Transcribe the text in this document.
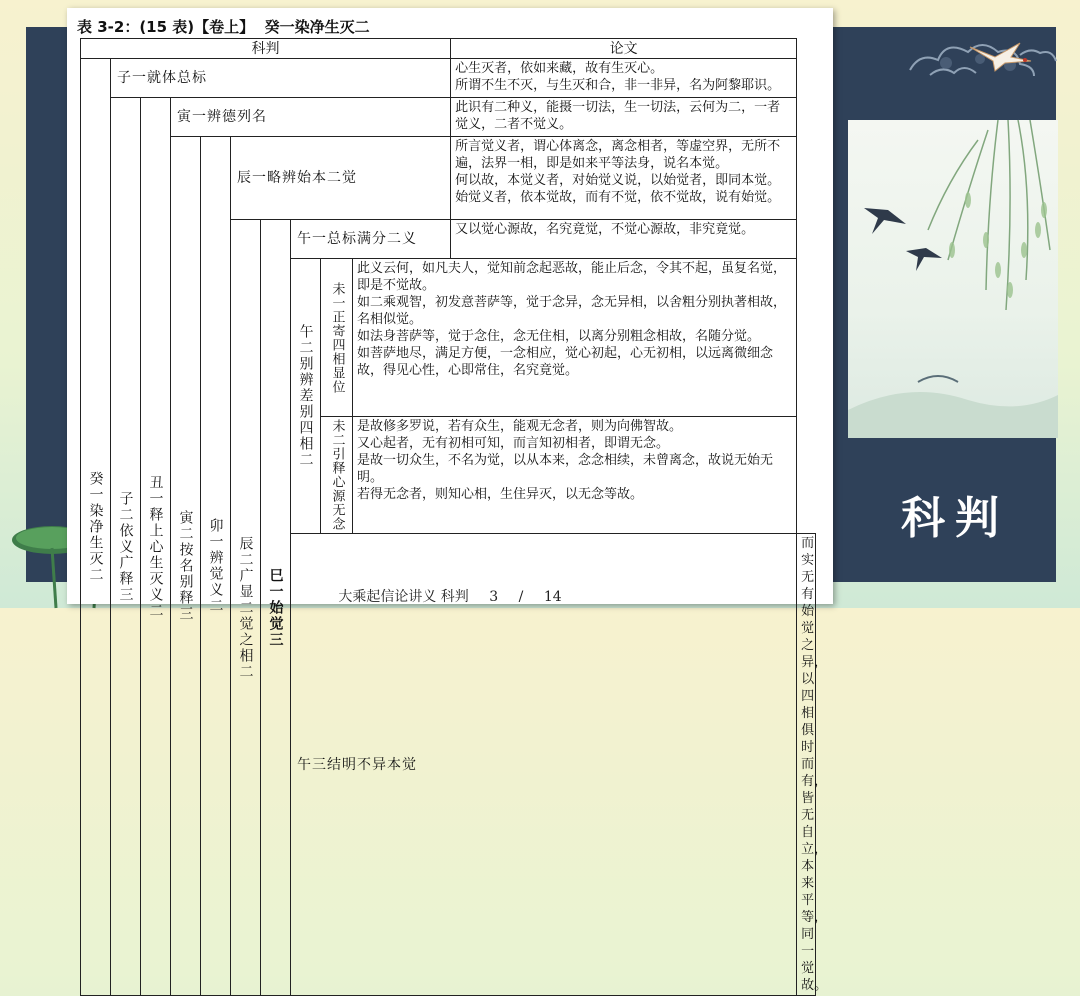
科判
表 3-2：(15 表)【卷上】 癸一染净生灭二
科判										论文	
癸一染净生灭二	子一就体总标									心生灭者，依如来藏，故有生灭心。
所谓不生不灭，与生灭和合，非一非异，名为阿黎耶识。	

	子二依义广释三	丑一释上心生灭义二	寅一辨德列名							此识有二种义，能摄一切法，生一切法，云何为二，一者觉义，二者不觉义。	

			寅二按名别释三	卯一辨觉义二	辰一略辨始本二觉					所言觉义者，谓心体离念，离念相者，等虚空界，无所不遍，法界一相，即是如来平等法身，说名本觉。
何以故，本觉义者，对始觉义说，以始觉者，即同本觉。
始觉义者，依本觉故，而有不觉，依不觉故，说有始觉。	

					辰二广显二觉之相二	巳一始觉三	午一总标满分二义			又以觉心源故，名究竟觉，不觉心源故，非究竟觉。	

							午二别辨差别四相二	未一正寄四相显位	此义云何，如凡夫人，觉知前念起恶故，能止后念，令其不起，虽复名觉，即是不觉故。
如二乘观智，初发意菩萨等，觉于念异，念无异相，以舍粗分别执著相故，名相似觉。
如法身菩萨等，觉于念住，念无住相，以离分别粗念相故，名随分觉。
如菩萨地尽，满足方便，一念相应，觉心初起，心无初相，以远离微细念故，得见心性，心即常住，名究竟觉。		

								未二引释心源无念	是故修多罗说，若有众生，能观无念者，则为向佛智故。
又心起者，无有初相可知，而言知初相者，即谓无念。
是故一切众生，不名为觉，以从本来，念念相续，未曾离念，故说无始无明。
若得无念者，则知心相，生住异灭，以无念等故。		

							午三结明不异本觉				而实无有始觉之异，以四相俱时而有，皆无自立，本来平等，同一觉故。
大乘起信论讲义 科判 3 / 14
